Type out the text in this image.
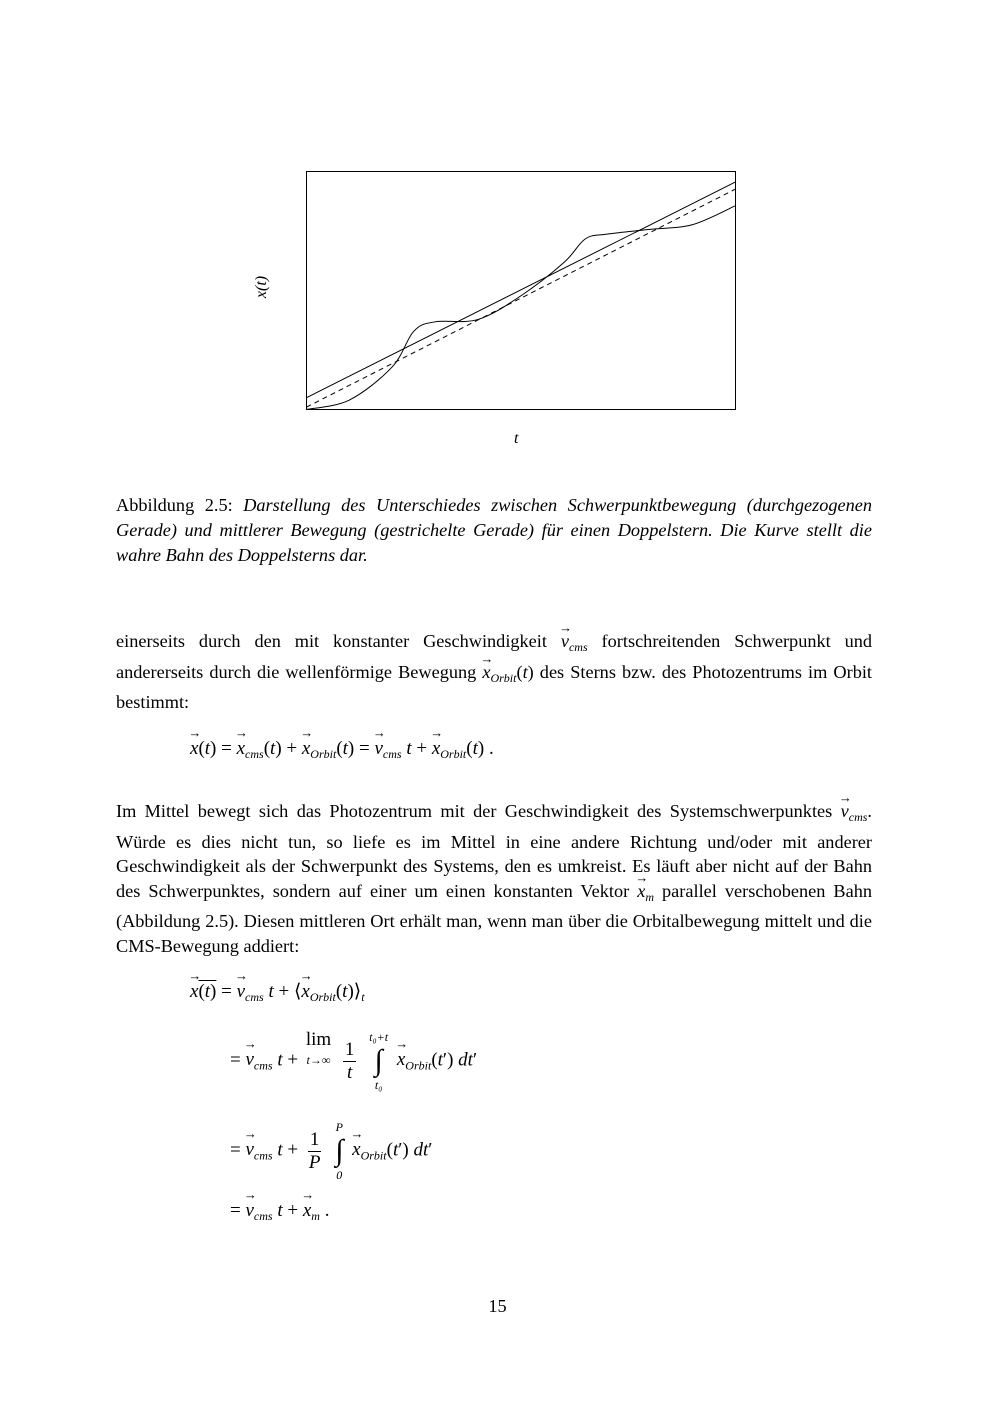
x(t)
t
Abbildung 2.5: Darstellung des Unterschiedes zwischen Schwerpunktbewegung (durchgezogenen Gerade) und mittlerer Bewegung (gestrichelte Gerade) für einen Doppelstern. Die Kurve stellt die wahre Bahn des Doppelsterns dar.
einerseits durch den mit konstanter Geschwindigkeit → $v_{cms}$ fortschreitenden Schwerpunkt und andererseits durch die wellenförmige Bewegung → $x_{Orbit}(t)$ des Sterns bzw. des Photozentrums im Orbit bestimmt:
→ x(t) = → $x_{cms}(t)$ + → $x_{Orbit}(t)$ = → $v_{cms}$ t + → $x_{Orbit}(t)$ .
Im Mittel bewegt sich das Photozentrum mit der Geschwindigkeit des Systemschwerpunktes → $v_{cms}$. Würde es dies nicht tun, so liefe es im Mittel in eine andere Richtung und/oder mit anderer Geschwindigkeit als der Schwerpunkt des Systems, den es umkreist. Es läuft aber nicht auf der Bahn des Schwerpunktes, sondern auf einer um einen konstanten Vektor → $x_m$ parallel verschobenen Bahn (Abbildung 2.5). Diesen mittleren Ort erhält man, wenn man über die Orbitalbewegung mittelt und die CMS-Bewegung addiert:
→ x(t) = → $v_{cms}$ t + ⟨→ $x_{Orbit}(t)⟩_t$
= → $v_{cms}$ t +
lim
t→∞
$\frac{1}{t}$

t₀+t
∫
t₀
→ $x_{Orbit}(t')$ dt′
= → $v_{cms}$ $t + \frac{1}{P}$

P
∫
0
→ $x_{Orbit}(t')$ dt′
= → $v_{cms}$ t + → $x_m$ .
15
